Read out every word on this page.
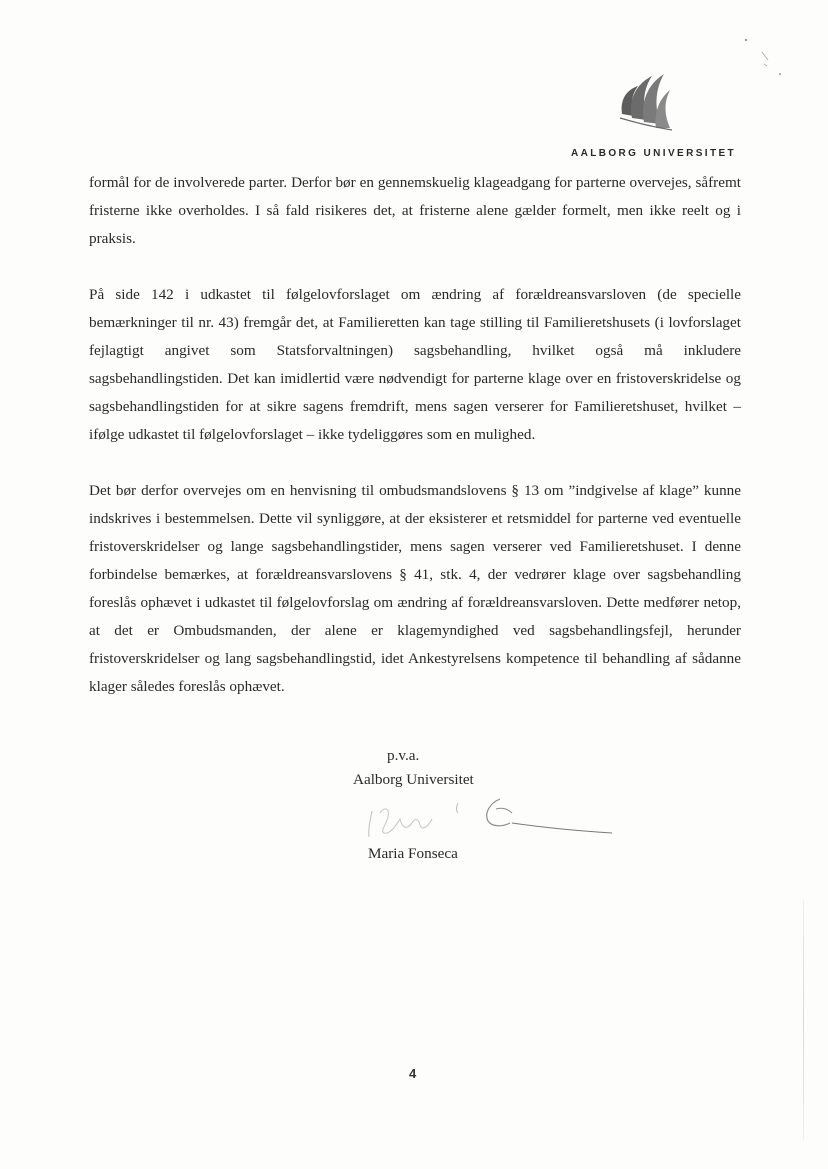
AALBORG UNIVERSITET

formål for de involverede parter. Derfor bør en gennemskuelig klageadgang for parterne overvejes, såfremt fristerne ikke overholdes. I så fald risikeres det, at fristerne alene gælder formelt, men ikke reelt og i praksis.

På side 142 i udkastet til følgelovforslaget om ændring af forældreansvarsloven (de specielle bemærkninger til nr. 43) fremgår det, at Familieretten kan tage stilling til Familieretshusets (i lovforslaget fejlagtigt angivet som Statsforvaltningen) sagsbehandling, hvilket også må inkludere sagsbehandlingstiden. Det kan imidlertid være nødvendigt for parterne klage over en fristoverskridelse og sagsbehandlingstiden for at sikre sagens fremdrift, mens sagen verserer for Familieretshuset, hvilket – ifølge udkastet til følgelovforslaget – ikke tydeliggøres som en mulighed.

Det bør derfor overvejes om en henvisning til ombudsmandslovens § 13 om ”indgivelse af klage” kunne indskrives i bestemmelsen. Dette vil synliggøre, at der eksisterer et retsmiddel for parterne ved eventuelle fristoverskridelser og lange sagsbehandlingstider, mens sagen verserer ved Familieretshuset. I denne forbindelse bemærkes, at forældreansvarslovens § 41, stk. 4, der vedrører klage over sagsbehandling foreslås ophævet i udkastet til følgelovforslag om ændring af forældreansvarsloven. Dette medfører netop, at det er Ombudsmanden, der alene er klagemyndighed ved sagsbehandlingsfejl, herunder fristoverskridelser og lang sagsbehandlingstid, idet Ankestyrelsens kompetence til behandling af sådanne klager således foreslås ophævet.

p.v.a.
Aalborg Universitet
Maria Fonseca
4
